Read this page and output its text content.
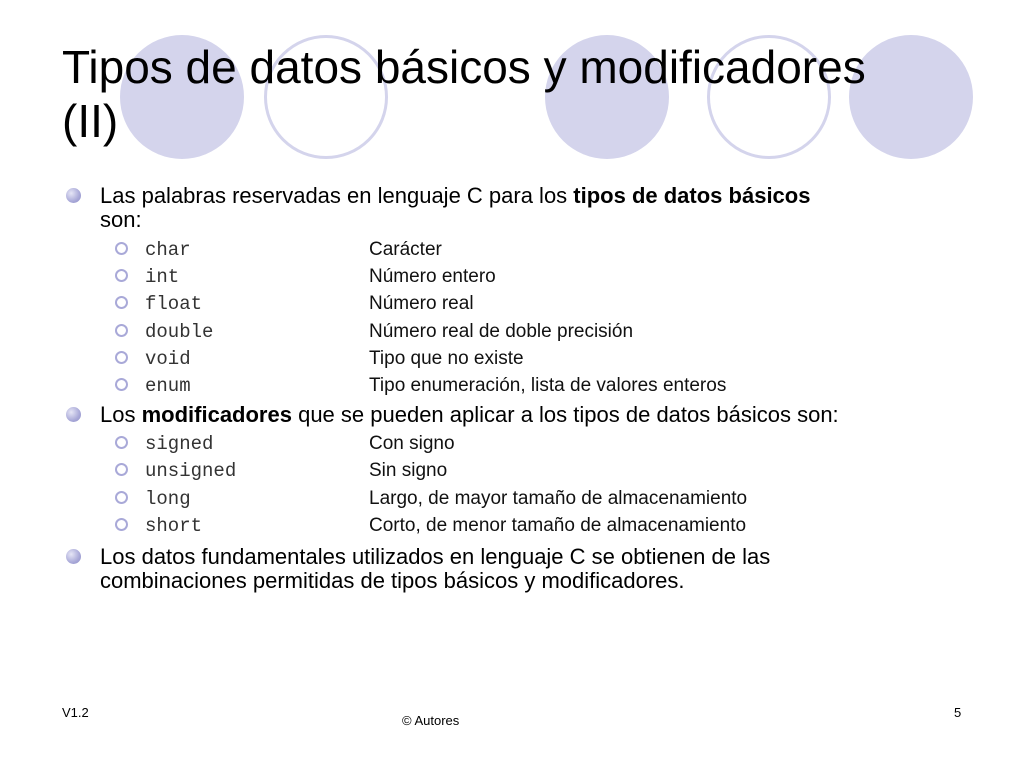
Tipos de datos básicos y modificadores
(II)
Las palabras reservadas en lenguaje C para los tipos de datos básicos
son:
char	Carácter
int	Número entero
float	Número real
double	Número real de doble precisión
void	Tipo que no existe
enum	Tipo enumeración, lista de valores enteros
Los modificadores que se pueden aplicar a los tipos de datos básicos son:
signed	Con signo
unsigned	Sin signo
long	Largo, de mayor tamaño de almacenamiento
short	Corto, de menor tamaño de almacenamiento
Los datos fundamentales utilizados en lenguaje C se obtienen de las
combinaciones permitidas de tipos básicos y modificadores.
V1.2
© Autores
5
